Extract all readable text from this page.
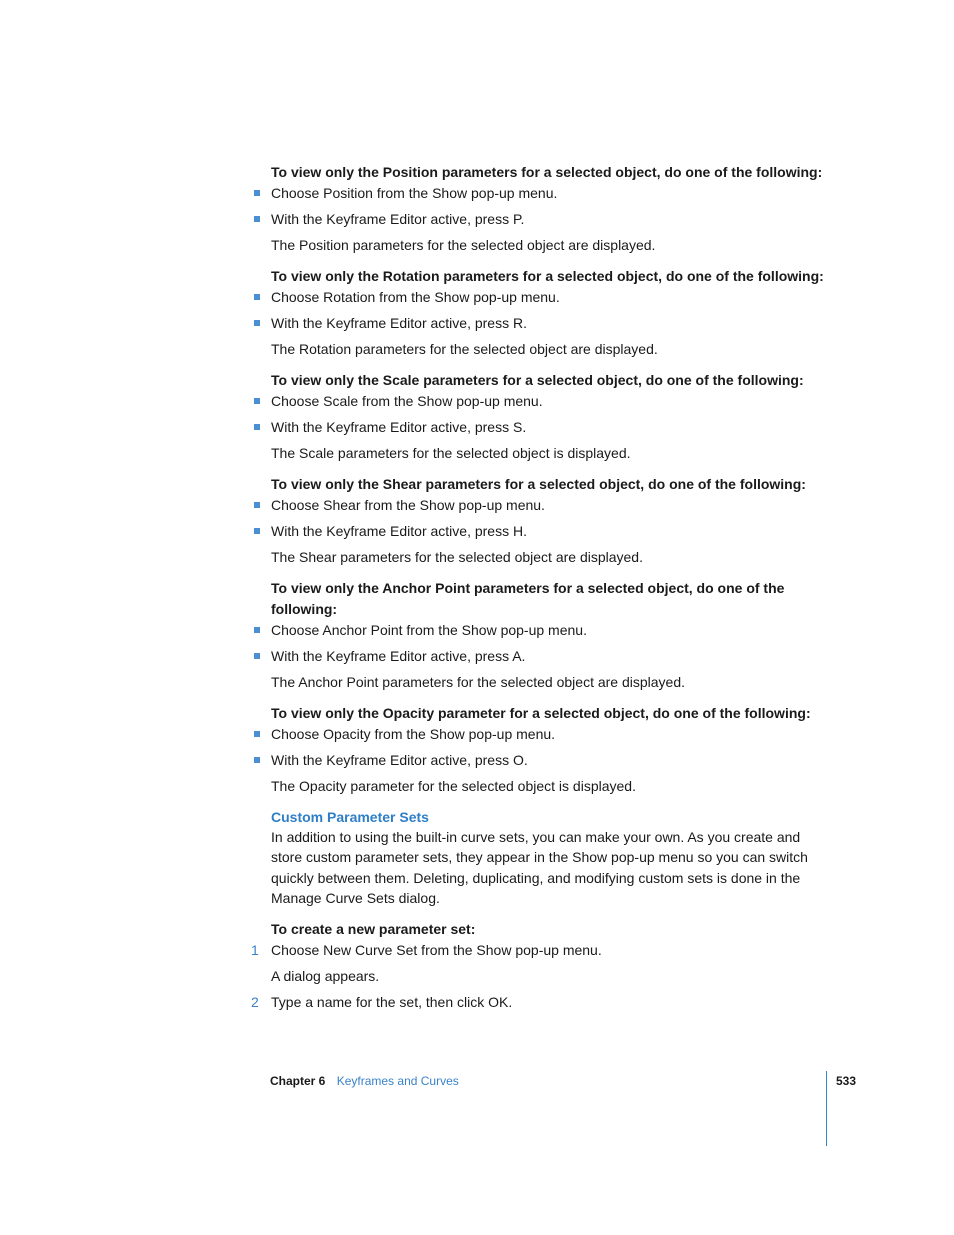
To view only the Position parameters for a selected object, do one of the following:
Choose Position from the Show pop-up menu.
With the Keyframe Editor active, press P.
The Position parameters for the selected object are displayed.
To view only the Rotation parameters for a selected object, do one of the following:
Choose Rotation from the Show pop-up menu.
With the Keyframe Editor active, press R.
The Rotation parameters for the selected object are displayed.
To view only the Scale parameters for a selected object, do one of the following:
Choose Scale from the Show pop-up menu.
With the Keyframe Editor active, press S.
The Scale parameters for the selected object is displayed.
To view only the Shear parameters for a selected object, do one of the following:
Choose Shear from the Show pop-up menu.
With the Keyframe Editor active, press H.
The Shear parameters for the selected object are displayed.
To view only the Anchor Point parameters for a selected object, do one of the following:
Choose Anchor Point from the Show pop-up menu.
With the Keyframe Editor active, press A.
The Anchor Point parameters for the selected object are displayed.
To view only the Opacity parameter for a selected object, do one of the following:
Choose Opacity from the Show pop-up menu.
With the Keyframe Editor active, press O.
The Opacity parameter for the selected object is displayed.
Custom Parameter Sets
In addition to using the built-in curve sets, you can make your own. As you create and store custom parameter sets, they appear in the Show pop-up menu so you can switch quickly between them. Deleting, duplicating, and modifying custom sets is done in the Manage Curve Sets dialog.
To create a new parameter set:
1 Choose New Curve Set from the Show pop-up menu.
A dialog appears.
2 Type a name for the set, then click OK.
Chapter 6 Keyframes and Curves	533
